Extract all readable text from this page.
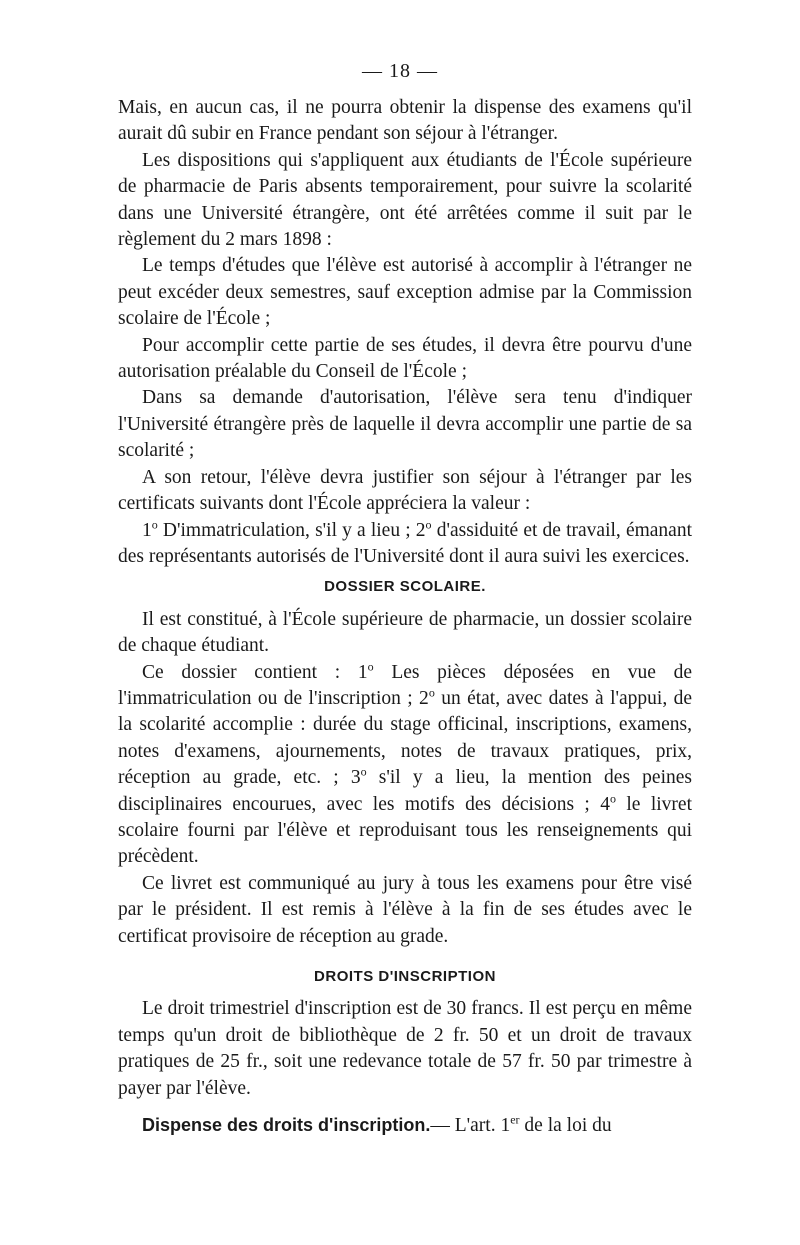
— 18 —

Mais, en aucun cas, il ne pourra obtenir la dispense des examens qu'il aurait dû subir en France pendant son séjour à l'étranger.

Les dispositions qui s'appliquent aux étudiants de l'École supérieure de pharmacie de Paris absents temporairement, pour suivre la scolarité dans une Université étrangère, ont été arrêtées comme il suit par le règlement du 2 mars 1898 :

Le temps d'études que l'élève est autorisé à accomplir à l'étranger ne peut excéder deux semestres, sauf exception admise par la Commission scolaire de l'École ;

Pour accomplir cette partie de ses études, il devra être pourvu d'une autorisation préalable du Conseil de l'École ;

Dans sa demande d'autorisation, l'élève sera tenu d'indiquer l'Université étrangère près de laquelle il devra accomplir une partie de sa scolarité ;

A son retour, l'élève devra justifier son séjour à l'étranger par les certificats suivants dont l'École appréciera la valeur :

1$^o$ D'immatriculation, s'il y a lieu ; 2$^o$ d'assiduité et de travail, émanant des représentants autorisés de l'Université dont il aura suivi les exercices.

DOSSIER SCOLAIRE.

Il est constitué, à l'École supérieure de pharmacie, un dossier scolaire de chaque étudiant.

Ce dossier contient : 1$^o$ Les pièces déposées en vue de l'immatriculation ou de l'inscription ; 2$^o$ un état, avec dates à l'appui, de la scolarité accomplie : durée du stage officinal, inscriptions, examens, notes d'examens, ajournements, notes de travaux pratiques, prix, réception au grade, etc. ; 3$^o$ s'il y a lieu, la mention des peines disciplinaires encourues, avec les motifs des décisions ; 4$^o$ le livret scolaire fourni par l'élève et reproduisant tous les renseignements qui précèdent.

Ce livret est communiqué au jury à tous les examens pour être visé par le président. Il est remis à l'élève à la fin de ses études avec le certificat provisoire de réception au grade.

DROITS D'INSCRIPTION

Le droit trimestriel d'inscription est de 30 francs. Il est perçu en même temps qu'un droit de bibliothèque de 2 fr. 50 et un droit de travaux pratiques de 25 fr., soit une redevance totale de 57 fr. 50 par trimestre à payer par l'élève.

Dispense des droits d'inscription.— L'art. 1er de la loi du
